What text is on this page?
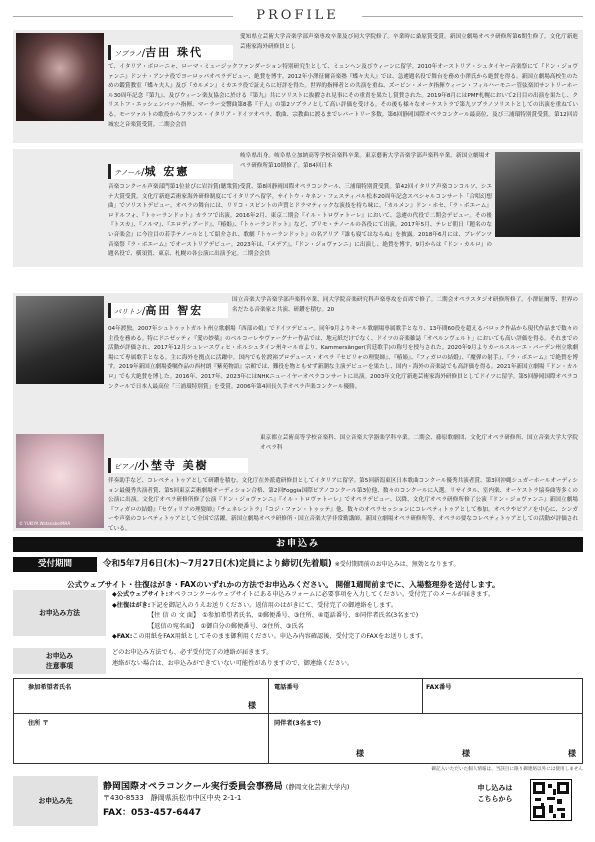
PROFILE
ソプラノ/吉田 珠代
愛知県立芸術大学音楽学部声楽専攻卒業及び同大学院修了。卒業時に桑原賞受賞。新国立劇場オペラ研修所第6期生修了。文化庁新進芸術家海外研修員とし
て、イタリア・ボローニャ、ローマ・ミュージックファンダーション特別研究生として、ミュンヘン及びウィーンに留学。2010年オーストリア・シュタイヤー音楽祭にて『ドン・ジョヴァンニ』ドンナ・アンナ役でヨーロッパオペラデビュー、絶賛を博す。2012年小澤征爾音楽塾『蝶々夫人』では、急遽題名役で舞台を務め小澤氏から絶賛を得る。新国立劇場高校生のための鑑賞教室『蝶々夫人』及び『カルメン』ミカエラ役で証えらに好評を得た。世界的指揮者との共演を重ね、ズービン・メータ指揮ウィーン・フィルハーモニー管弦楽団サントリーホール30周年記念『第九』、及びウィーン楽友協会に於ける『第九』共にソリストに抜擢され見事にその重責を果たし賞賛された。2019年8月にはPMF札幌において2日目の出演を果たし、クリストフ・エッシェンバッハ指揮、マーラー交響曲第8番『千人』の第2ソプラノとして高い評価を受ける。その後も様々なオーケストラで第九ソプラノソリストとしての出演を重ねている。モーツァルトの歌役からフランス・イタリア・ドイツオペラ、歌曲、宗教曲に渡るまでレパートリー多数。第6回静岡国際オペラコンクール最高位、及び三浦環特別賞受賞。第12回岩城宏之音楽賞受賞。二期会会員
テノール/城 宏憲
岐阜県出身。岐阜県立加納高等学校音楽科卒業。東京藝術大学音楽学部声楽科卒業。新国立劇場オペラ研修所第10期修了。第84回日本
音楽コンクール声楽部門第1位並びに岩谷賞(聴衆賞)受賞、第8回静岡国際オペラコンクール、三浦環特別賞受賞。第42回イタリア声楽コンコルソ、シエナ大賞受賞。文化庁新進芸術家海外研修制度にてイタリアへ留学。サイトウ・キネン・フェスティバル松本20周年記念スペシャルコンサート「合唱幻想曲」でソリストデビュー。オペラの舞台には、リリコ・スピントの声質とドラマティックな演技を持ち味に、『カルメン』ドン・ホセ、『ラ・ボエーム』ロドルフォ、『トゥーランドット』カラフで出演。2016年2月、東京二期会『イル・トロヴァトーレ』において、急遽の代役で二期会デビュー。その後『トスカ』、『ノルマ』、『エロディアード』、『椿姫』、『トゥーランドット』など、プリモ・テノールの各役にて出演。2017年5月、テレビ朝日『題名のない音楽会』に今注目の若手テノールとして紹介され、歌劇『トゥーランドット』の名アリア『誰も寝てはならぬ』を披露。2018年6月には、ブレゲンツ音楽祭『ラ・ボエーム』でオーストリアデビュー。2023年は、『メデア』、『ドン・ジョヴァンニ』に出演し、絶賛を博す。9月からは『ドン・カルロ』の題名役で、横須賀、東京、札幌の各公演に出演予定。二期会会員
バリトン/高田 智宏
国立音楽大学音楽学部声楽科卒業、同大学院音楽研究科声楽専攻を首席で修了。二期会オペラスタジオ研修所修了。小澤征爾等、世界の名だたる音楽家と共演、研鑽を積む。20
04年渡独。2007年シュトゥットガルト州立歌劇場『西部の娘』でドイツデビュー。同年9月よりキール歌劇場専属歌手となり、13年間60役を超えるバロック作品から現代作品まで数々の主役を務める。特にドニゼッティ『愛の妙薬』のベルコーレやヴァーグナー作品では、地元紙だけでなく、ドイツの音楽雑誌「オペルンヴェルト」においても高い評価を得る。それまでの活動が評価され、2017年12月シュレースヴィヒ・ホルシュタイン州キール市より、Kammersänger(宮廷歌手)の称号を授与された。2020年9月よりカールスルーエ・バーデン州立歌劇場にて専属歌手となる。主に海外を拠点に活躍中。国内でも佐渡裕プロデュース・オペラ『セビリャの理髪師』、『椿姫』、『フィガロの結婚』、『魔弾の射手』、『ラ・ボエーム』で絶賛を博す。2019年新国立劇場委嘱作品の西村朗『紫苑物語』宗頼では、難役を物ともせず新潮な主演デビューを果たし、国内・海外の音楽誌でも高評価を得る。2021年新国立劇場『ドン・カルロ』でも大絶賛を博した。2016年、2017年、2023年にはNHKニューイヤーオペラコンサートに出演。2003年文化庁新進芸術家海外研修員としてドイツに留学。第5回静岡国際オペラコンクールで日本人最高位「三浦環特別賞」を受賞。2006年第4回長久手オペラ声楽コンクール優勝。
© YUKIYA Watanabe/MAA
ピアノ/小埜寺 美樹
東京都立芸術高等学校音楽科、国立音楽大学器楽学科卒業。二期会、藤原歌劇団、文化庁オペラ研修所、国立音楽大学大学院オペラ科
伴奏助手など、コレペティトゥアとして研鑽を積む。文化庁在外派遣研修員としてイタリアに留学。第5回新潟東区日本歌曲コンクール優秀共演者賞、第3回沖縄シュガーホールオーディション最優秀共演者賞、第5回東京芸術劇場オーディション合格、第2回Foggia国際ピアノコンクール第3位他、数々のコンクールに入選。リサイタル、室内楽、オーケストラ協奏曲等多くの公演に出演。文化庁オペラ研修所修了公演『ドン・ジョヴァンニ』『イル・トロヴァトーレ』でオペラデビュー、以降、文化庁オペラ研修所修了公演『ドン・ジョヴァンニ』新国立劇場『フィガロの結婚』『セヴィリアの理髪師』『チェネレントラ』『コジ・ファン・トゥッテ』他、数々のオペラセッションにコレペティトゥアとして参加。オペラやピアノを中心に、シンガーや声楽のコレペティトゥアとして全国で活躍。新国立劇場オペラ研修所・国立音楽大学非常勤講師。新国立劇場オペラ研修所等、オペラの要なコレペティトゥアとしての活動が評価されている。
お申込み
受付期間	令和5年7月6日(木)〜7月27日(木)定員により締切(先着順) ※受付期間前のお申込みは、無効となります。
公式ウェブサイト・往復はがき・FAXのいずれかの方法でお申込みください。 開催1週間前までに、入場整理券を送付します。
お申込み方法
◆公式ウェブサイト:オペラコンクールウェブサイトにある申込みフォームに必要事項を入力してください。受付完了のメールが届きます。
◆往復はがき:下記を御記入のうえお送りください。返信用のはがきにて、受付完了の御連絡をします。
【往 信 の 文 面】　 ①参加希望者氏名、②郵便番号、③住所、④電話番号、⑤同伴者氏名(3名まで)
【返信の宛名面】　 ①御自分の郵便番号、②住所、③氏名
◆FAX:この用紙をFAX用紙としてそのまま御利用ください。申込み内容確認後、受付完了のFAXをお送りします。
お申込み
注意事項
どのお申込み方法でも、必ず受付完了の連絡が届きます。
連絡がない場合は、お申込みができていない可能性がありますので、御連絡ください。
参加希望者氏名
様
電話番号	FAX番号
住所 〒	同伴者(3名まで)
様	様	様
御記入いただいた個人情報は、当該目に限り御連絡以外には使用しません
お申込み先
静岡国際オペラコンクール実行委員会事務局 (静岡文化芸術大学内)
〒430-8533　静岡県浜松市中区中央 2-1-1
FAX：053-457-6447
申し込みは
こちらから
